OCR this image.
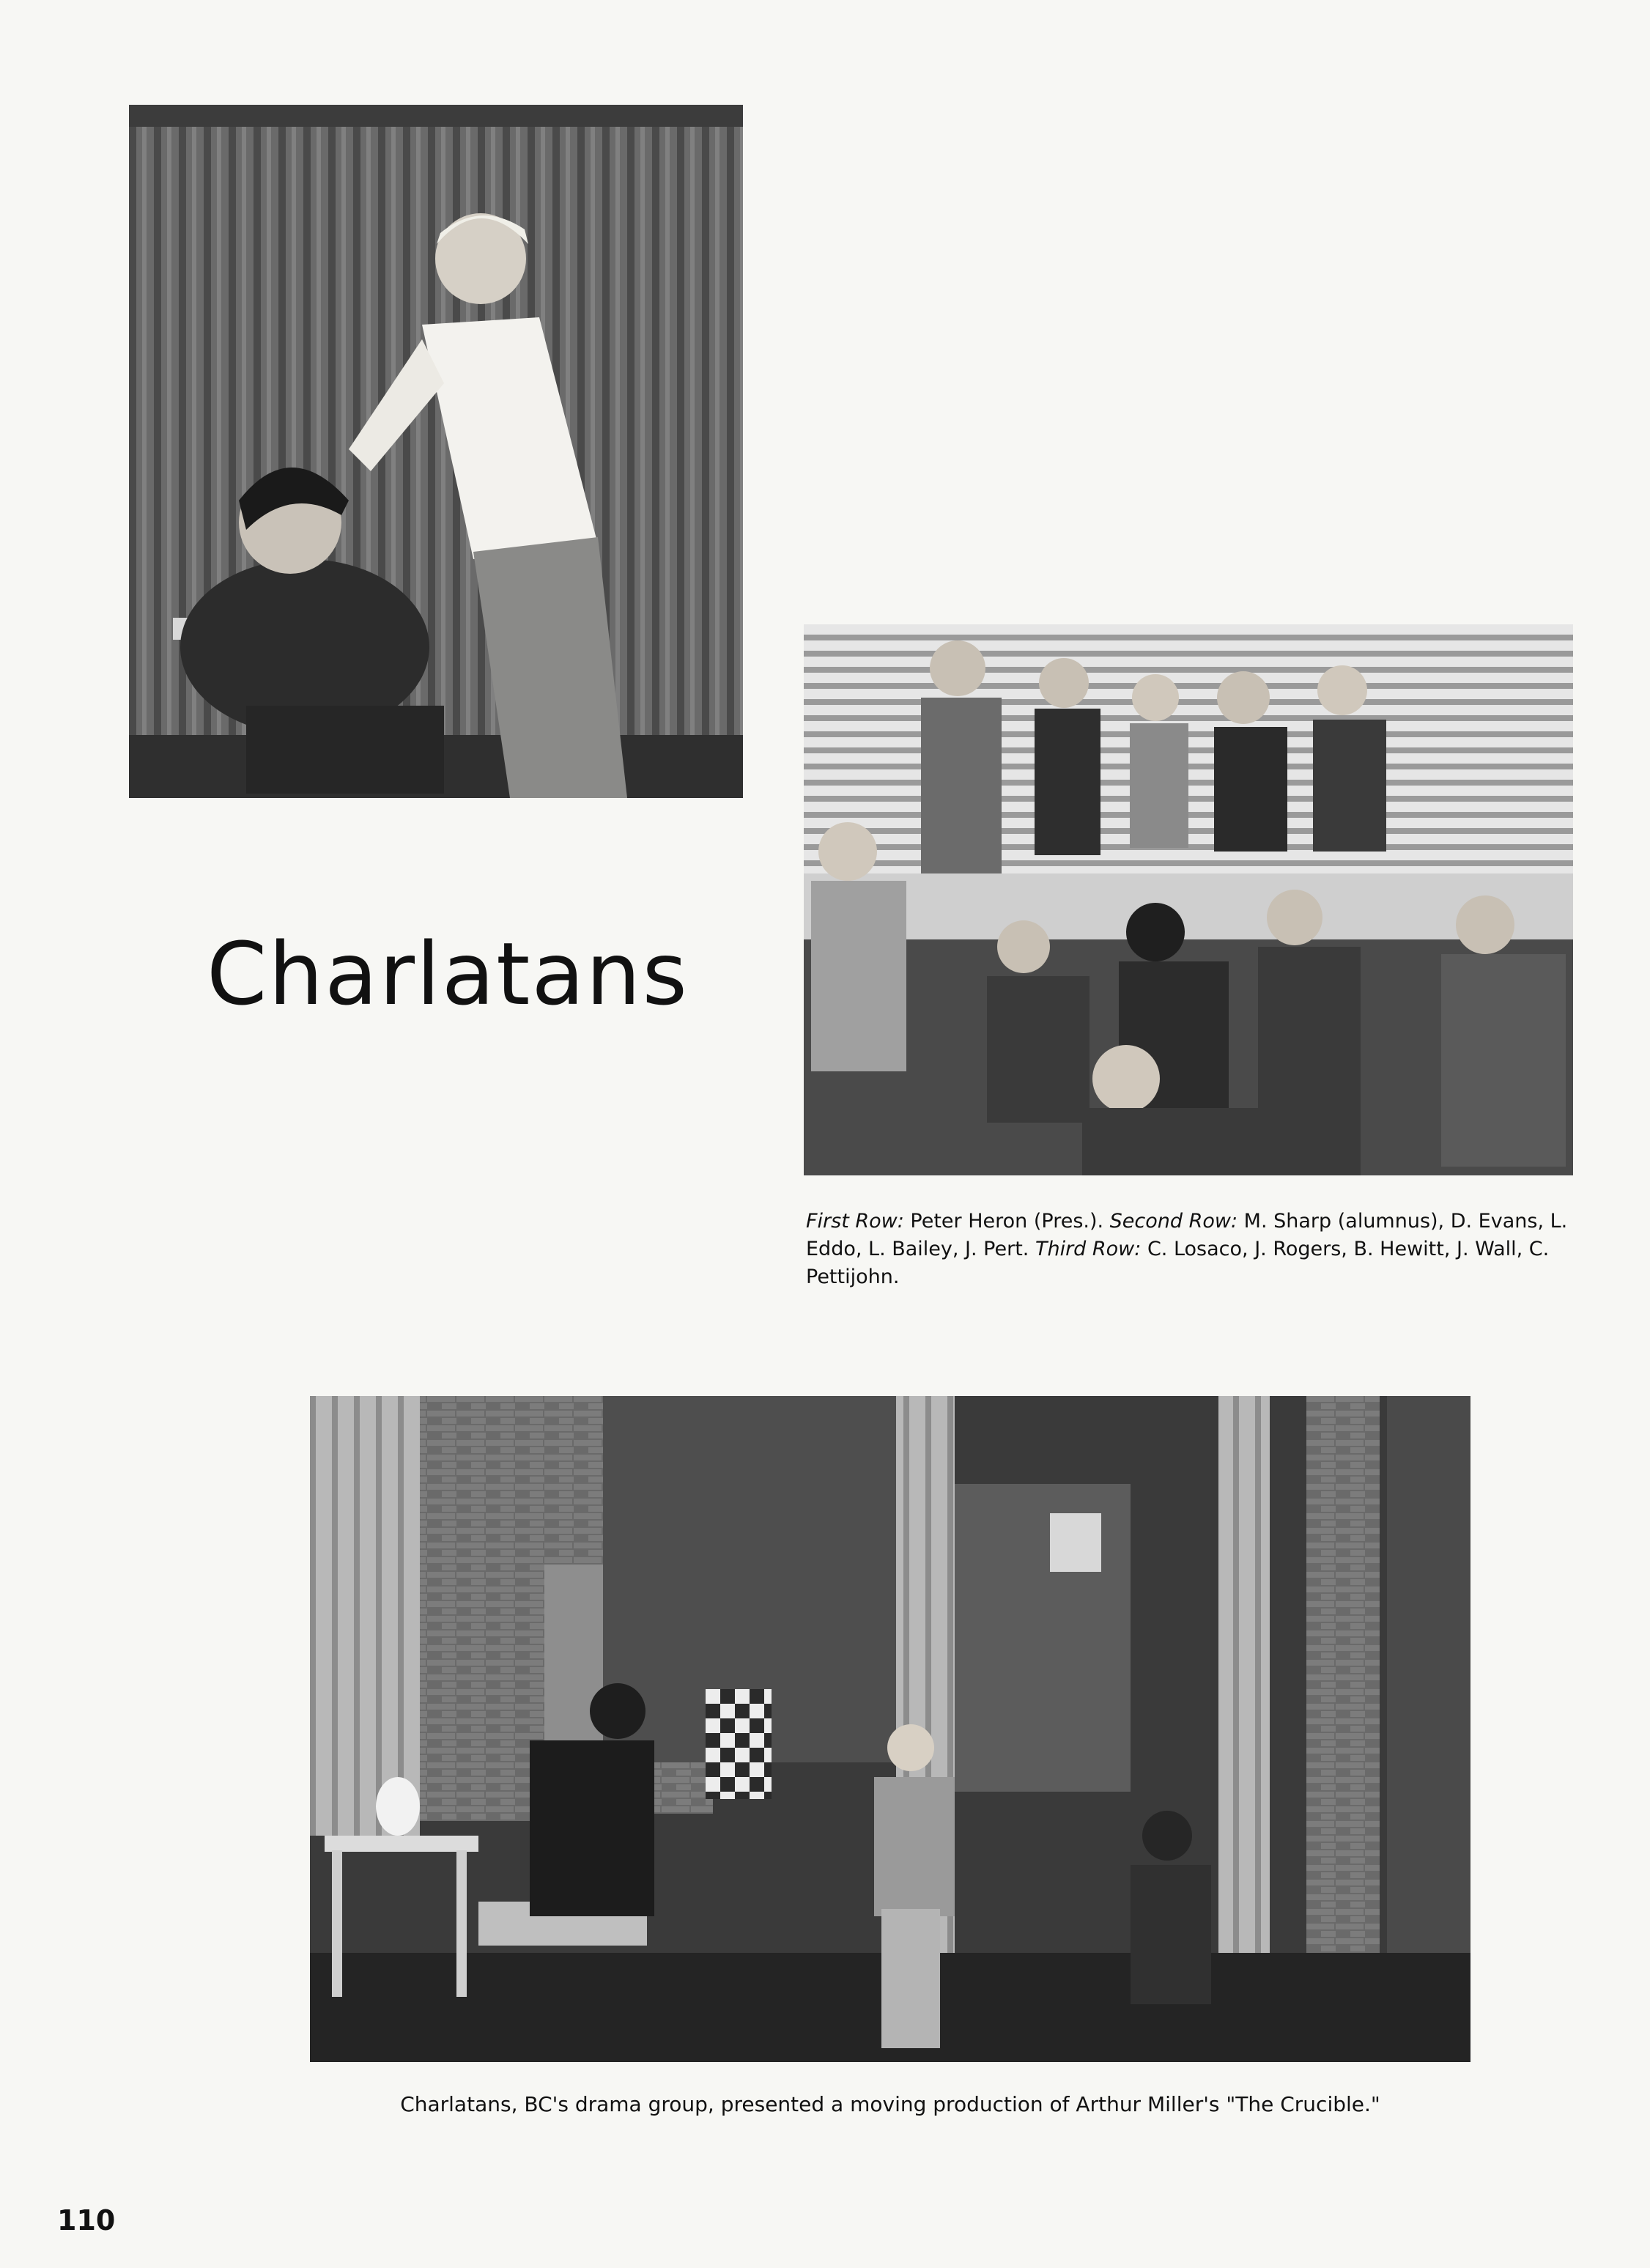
Charlatans

First Row: Peter Heron (Pres.). Second Row: M. Sharp (alumnus), D. Evans, L. Eddo, L. Bailey, J. Pert. Third Row: C. Losaco, J. Rogers, B. Hewitt, J. Wall, C. Pettijohn.

Charlatans, BC's drama group, presented a moving production of Arthur Miller's "The Crucible."

110
